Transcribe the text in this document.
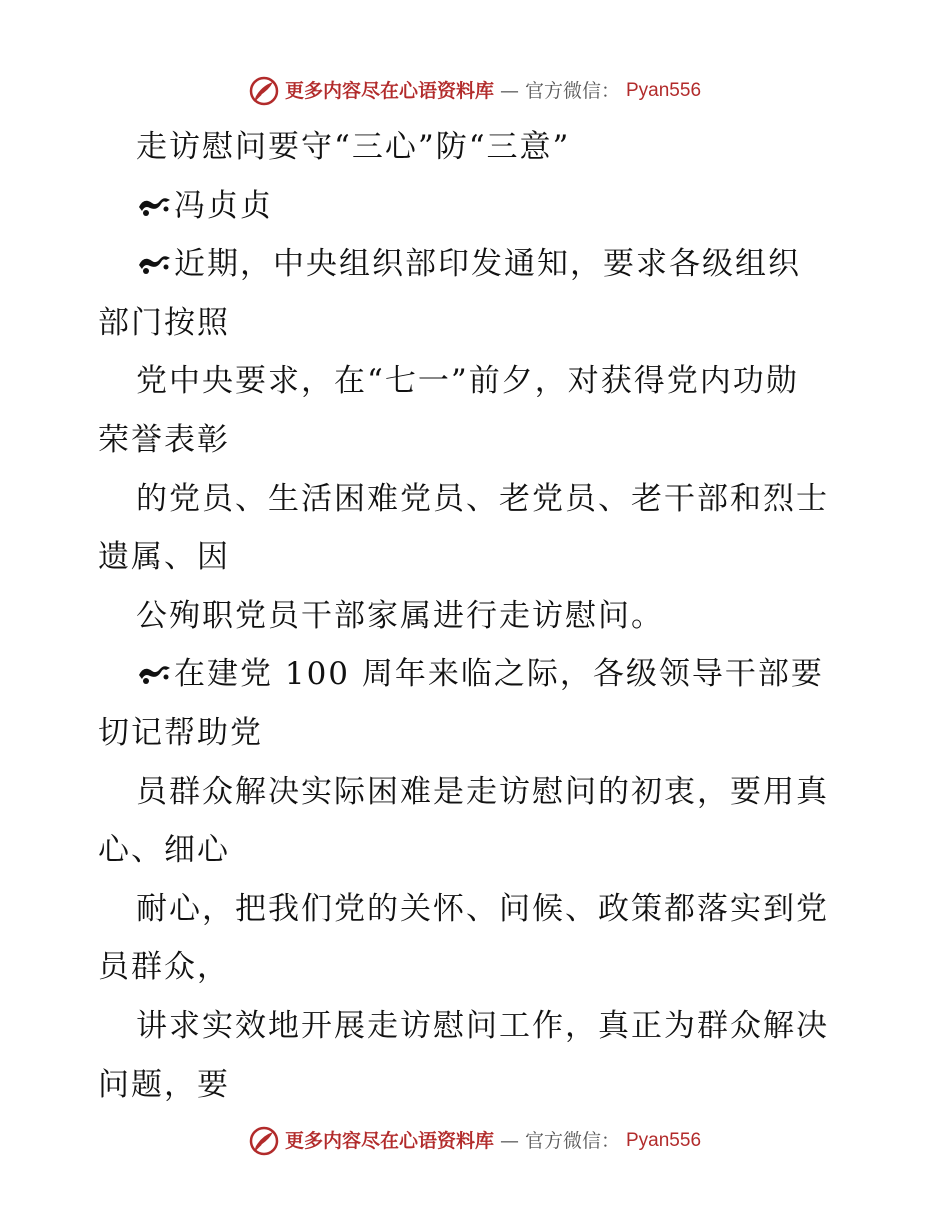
更多内容尽在心语资料库 — 官方微信： Pyan556
走访慰问要守“三心”防“三意”
冯贞贞
近期，中央组织部印发通知，要求各级组织
部门按照
党中央要求，在“七一”前夕，对获得党内功勋
荣誉表彰
的党员、生活困难党员、老党员、老干部和烈士
遗属、因
公殉职党员干部家属进行走访慰问。
在建党 100 周年来临之际，各级领导干部要
切记帮助党
员群众解决实际困难是走访慰问的初衷，要用真
心、细心
耐心，把我们党的关怀、问候、政策都落实到党
员群众，
讲求实效地开展走访慰问工作，真正为群众解决
问题，要
更多内容尽在心语资料库 — 官方微信： Pyan556
